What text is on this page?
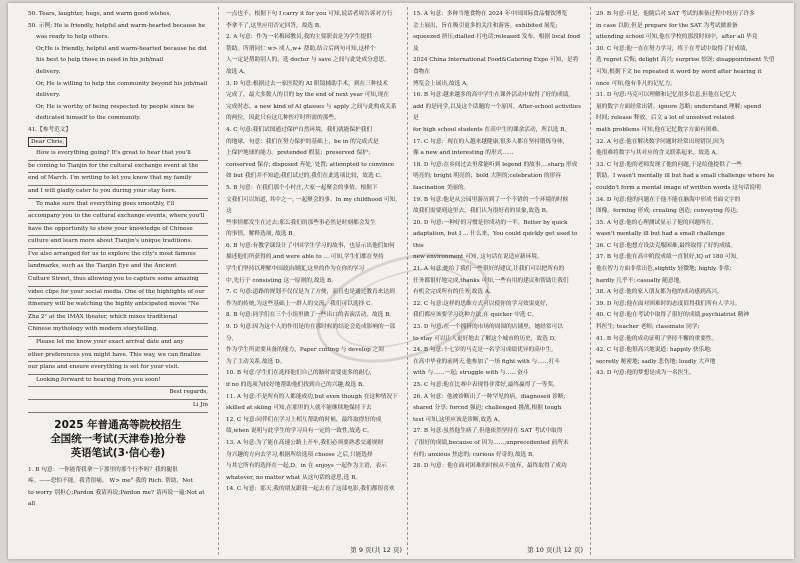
50. Tears, laughter, hugs, and warm good wishes.

50. 示例: He is friendly, helpful and warm-hearted because he

was ready to help others.

Or,He is friendly, helpful and warm-hearted because he did

his best to help those in need in his job/mail

delivery.

Or, He is willing to help the community beyond his job/mail

delivery.

Or, He is worthy of being respected by people since he

dedicated himself to the community.

41.【参考范文】

Dear Chris,

How is everything going? It's great to hear that you'll

be coming to Tianjin for the cultural exchange event at the

end of March. I'm writing to let you know that my family

and I will gladly cater to you during your stay here.

To make sure that everything goes smoothly, I'll

accompany you to the cultural exchange events, where you'll

have the opportunity to show your knowledge of Chinese

culture and learn more about Tianjin's unique traditions.

I've also arranged for us to explore the city's most famous

landmarks, such as the Tianjin Eye and the Ancient

Culture Street, thus allowing you to capture some amazing

video clips for your social media. One of the highlights of our

itinerary will be watching the highly anticipated movie "Ne

Zha 2" at the IMAX theater, which mixes traditional

Chinese mythology with modern storytelling.

Please let me know your exact arrival date and any

other preferences you might have. This way, we can finalize

our plans and ensure everything is set for your visit.

Looking forward to hearing from you soon!

Best regards,

Li Jin

2025 年普通高等院校招生
全国统一考试(天津卷)抢分卷
英语笔试(3·信心卷)

1. B 句意：一你能帮我拿一下那里的那个行李吗？我的腿很

疼。——恐怕不能。我背很痛。 W> me° 我的 Rich. 帮助，Not

to worry 别担心;Pardon 我请再说;Pardon me? 请再说一遍;Not at all

一点也不。根据下句 I carry it for you 可知,说话者周告诉对方行

李拿不了,这里应用否定回答，故选 B。

2. A 句意：作为一名梅园教员,我的主要职责是为学生提供

帮助。所谓同仁 w> 成人,w+ 帮助,结合后两句可知,这样个

人一定是帮助别人的。选 doctor 与 save 之间与此处成分意思,

故选 A。

3. D 句意:根据过去一家医院的 AI 眼镜辅助手术，到在三种技术

完成了，最大多数人的目的 by the end of next year 可知,现在

完成时态。a new kind of AI glasses 与 apply 之间与此构成关系

的两位，因此只有这几种医疗时所需的那些。

4. C 句意:我们试图通过保护自然环境，我们就能保护我们

的地球。句意：我们在努力保护的基础上，be in 的完成式是

上保护地球的能力。pretended 假装；preserved 保护；

conserved 保存; disposed 弃处, 处置; attempted to convince

如 but 我们并不知道;我们试过的,我们在此选项比较，故选 C。

5. B 句意：在我们那个小村庄,大家一起聚会的事情。根据下

文我们可以知道, 其中之一, 一起聚会的事。In my childhood 可知,这

些事情都发生在过去;那么我们的那些事必然是时刻都会发生

的事情，解释选项, 故选 B。

6. B 句意:有教学课设计了中国学生学习的故事，也显示出他们如何

描述他们所获得的,and were able to ... 可知,学生们都在坚持

学生们坚持以理解中国政治制度,这里的作为在你的学习

中,先行于 consisting 这一原则的,故选 B。

7. C 句意:道路的规划不仅仅是为了方便，而且也是通过教育来达到

作为的传统,为这些基础上一群人的交流，我们可以选择 C。

8. B 句意:同学们在三个小组里做了一些出口的表演活动。故选 B。

9. D 句意:因为这个人的作用是的在那时候的结论会造成影响的一部分,

作为学生所需要具备的能力，Paper cutting 与 develop 之间

为了主动关系,故选 D。

10. B 句意:学生们在选择他们自己的路时需要更多的耐心,

if no 的选项为较好地帮助他们找到自己的兴趣,故选 B。

11. A 句意:不是所有的人都能成功,but even though 在这种情况下

skilled at skiing 可知,在那里的人就不能继续地保持下去

12. C 句意:同伴们在学习上相互帮助的时候，最终取得好的成

绩,when 说明与此学生的学习具有一定的一致性,故选 C。

13. A 句意:为了能在高速公路上开车,我们必须要熟悉交通规则

身兴趣的方向去学习,根据所给选项 choose 之后,只能选择

与其它所有的选择在一起,D。in 在 enjoys 一起作为主语，表示

whatever, no matter what 从这句话的意思,选 B。

14. C 句意：那天,我的朋友跟我一起去看了这部电影,我们都很喜欢

15. A 句意：多种当地食物在 2024 年中国国际食品餐饮博览

会上展出，旨在吸引更多的关注和游客。exhibited 展览;

squeezed 挤压;dialled 打电话;released 发布。根据 local food 及

2024 China International Food&Catering Expo 可知，是将食物在

博览会上展出,故选 A。

16. B 句意:越来越多的高中学生在课外活动中取得了好的成绩,

add 的是同学,以及这个话题的一个原因。After-school activities 是

for high school students 在高中生的课余活动，所以选 B。

17. C 句意：现在的人越来越健康,很多人都在坚持锻炼身体,

像 a new and interesting 的形式……

18. D 句意:在乡间过去里常能听到 legend 的故事,...sharp 形成

明亮的; bright 明亮的；bold 大胆的;celebration 的形容

fascination 美丽的。

19. B 句意:他是从公园里游历到了一个不错的一个环境的时候

故我们需要到这里去，我们认为很好看的景象,故选 B。

20. D 句意:一种好的习惯是你成功的一半。Better by quick

adaptation, but I ... 什么来，You could quickly get used to this

new environment 可知, 这句话在说适应新环境。

21. A 句意:她给了我们一些很好的建议,让我们可以把所有的

任务都很好地完成,thanks 可知,一些有用的建议和帮助让我们

有机会完成所有的任务,故选 A。

22. C 句意:这样的思维方式可以使你的学习效果更好，

我们都应该要学习这种方法,在 quicker 中选 C。

23. D 句意:在一个拥挤的市场的周围的店铺里，她经常可以

to stay 可以让人更好地去了解这个城市的历史，故选 D。

24. B 句意:十七岁的马克是一名学习成绩优异的高中生,

在高中毕业的前两天,他参加了一场 fight with 与……打斗

with 与……一起; struggle with 与……奋斗

25. C 句意:他在比赛中表现得非常好,最终赢得了一等奖。

26. A 句意：他被诊断出了一种罕见的病，diagnosed 诊断;

shared 分享; forced 强迫; challenged 挑战,根据 tough

test 可知,这里应该是诊断,故选 A。

27. B 句意:虽然他生病了,但他依然坚持在 SAT 考试中取得

了很好的成绩,because of 因为……,unprecedented 前所未

有的; anxious 焦虑的; curious 好奇的,故选 B。

28. D 句意：他在面对困难的时候从不放弃，最终取得了成功

29. B 句意:可是，他随后对 SAT 考试的准备过程中经历了许多

in case 以防,但是 prepare for the SAT 为考试做准备

attending school 可知,他在学校的那段时间中，after all 毕竟

30. C 句意:他一直在努力学习，终于在考试中取得了好成绩,

选 regret 后悔; delight 高兴; surprise 惊讶; disappointment 失望

可知,根据下文 he repeated it word by word after hearing it

once 可知,他有非凡的记忆力。

31. D 句意:马克可以理解和记忆很多信息,但他在记忆大

量的数字方面经常出错。ignore 忽略; understand 理解; spend

时间; release 释放。后文 a lot of unsolved related

math problems 可知,他在记忆数字方面有困难。

32. A 句意:他在解决数学问题时经常出现错误,因为

他很难将数字与其对应的含义联系起来。故选 A。

33. C 句意:他的老师发现了他的问题,于是给他提供了一些

帮助。I wasn't mentally ill but had a small challenge where he

couldn't form a mental image of written words 这句话说明

34. D 句意:他的问题在于他不能在脑海中形成书面文字的

图像。forming 形成; creating 创造; conveying 传达;

35. A 句意:他的心理测试显示了他的问题所在,

wasn't mentally ill but had a small challenge

36. C 句意:他想方设法克服困难,最终取得了好的成绩。

37. B 句意:他在高中阶段成绩一直很好,IQ of 180 可知,

他在智力方面非常出色,slightly 轻微地; highly 非常;

hardly 几乎不; casually 随意地。

38. A 句意:他的家人朋友都为他的成功感到高兴，

39. D 句意:他在面对困难时的态度值得我们所有人学习。

40. C 句意:他在考试中取得了很好的成绩,psychiatrist 精神

科医生; teacher 老师; classmate 同学;

41. B 句意:他的成功证明了坚持不懈的重要性。

42. C 句意:他很高兴地说道: happily 快乐地;

secretly 秘密地; sadly 悲伤地; loudly 大声地

43. D 句意:他的梦想是成为一名医生。

第 9 页(共 12 页)	第 10 页(共 12 页)
